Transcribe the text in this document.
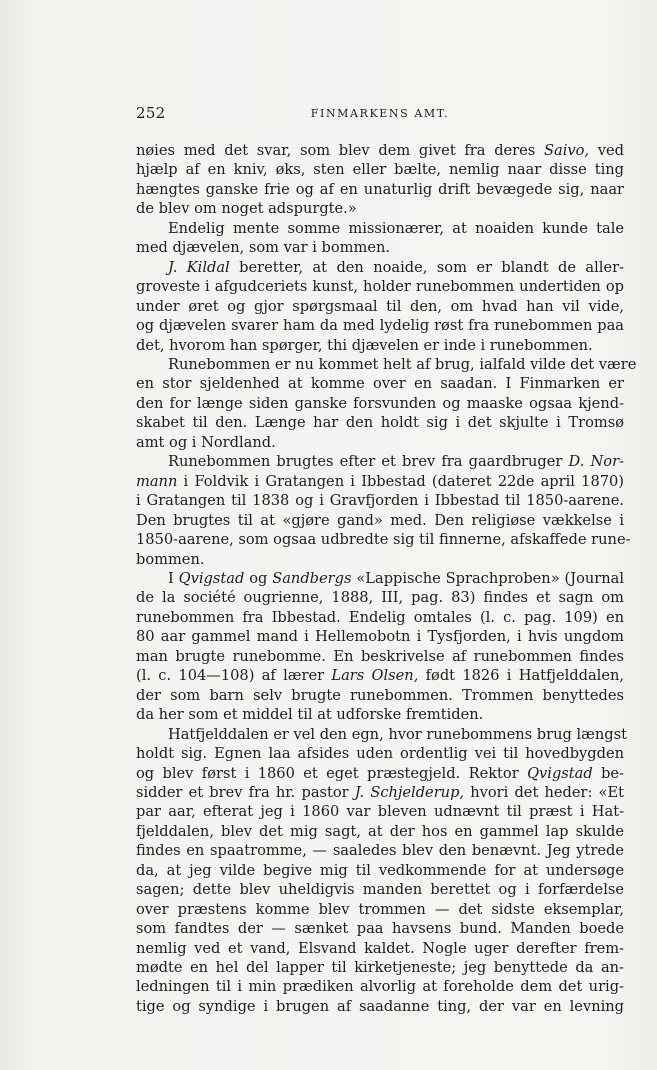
252	FINMARKENS AMT.

nøies med det svar, som blev dem givet fra deres Saivo, ved
hjælp af en kniv, øks, sten eller bælte, nemlig naar disse ting
hængtes ganske frie og af en unaturlig drift bevægede sig, naar
de blev om noget adspurgte.»

Endelig mente somme missionærer, at noaiden kunde tale
med djævelen, som var i bommen.

J. Kildal beretter, at den noaide, som er blandt de aller-
groveste i afgudceriets kunst, holder runebommen undertiden op
under øret og gjor spørgsmaal til den, om hvad han vil vide,
og djævelen svarer ham da med lydelig røst fra runebommen paa
det, hvorom han spørger, thi djævelen er inde i runebommen.

Runebommen er nu kommet helt af brug, ialfald vilde det være
en stor sjeldenhed at komme over en saadan. I Finmarken er
den for længe siden ganske forsvunden og maaske ogsaa kjend-
skabet til den. Længe har den holdt sig i det skjulte i Tromsø
amt og i Nordland.

Runebommen brugtes efter et brev fra gaardbruger D. Nor-
mann i Foldvik i Gratangen i Ibbestad (dateret 22de april 1870)
i Gratangen til 1838 og i Gravfjorden i Ibbestad til 1850-aarene.
Den brugtes til at «gjøre gand» med. Den religiøse vækkelse i
1850-aarene, som ogsaa udbredte sig til finnerne, afskaffede rune-
bommen.

I Qvigstad og Sandbergs «Lappische Sprachproben» (Journal
de la société ougrienne, 1888, III, pag. 83) findes et sagn om
runebommen fra Ibbestad. Endelig omtales (l. c. pag. 109) en
80 aar gammel mand i Hellemobotn i Tysfjorden, i hvis ungdom
man brugte runebomme. En beskrivelse af runebommen findes
(l. c. 104—108) af lærer Lars Olsen, født 1826 i Hatfjelddalen,
der som barn selv brugte runebommen. Trommen benyttedes
da her som et middel til at udforske fremtiden.

Hatfjelddalen er vel den egn, hvor runebommens brug længst
holdt sig. Egnen laa afsides uden ordentlig vei til hovedbygden
og blev først i 1860 et eget præstegjeld. Rektor Qvigstad be-
sidder et brev fra hr. pastor J. Schjelderup, hvori det heder: «Et
par aar, efterat jeg i 1860 var bleven udnævnt til præst i Hat-
fjelddalen, blev det mig sagt, at der hos en gammel lap skulde
findes en spaatromme, — saaledes blev den benævnt. Jeg ytrede
da, at jeg vilde begive mig til vedkommende for at undersøge
sagen; dette blev uheldigvis manden berettet og i forfærdelse
over præstens komme blev trommen — det sidste eksemplar,
som fandtes der — sænket paa havsens bund. Manden boede
nemlig ved et vand, Elsvand kaldet. Nogle uger derefter frem-
mødte en hel del lapper til kirketjeneste; jeg benyttede da an-
ledningen til i min prædiken alvorlig at foreholde dem det urig-
tige og syndige i brugen af saadanne ting, der var en levning
